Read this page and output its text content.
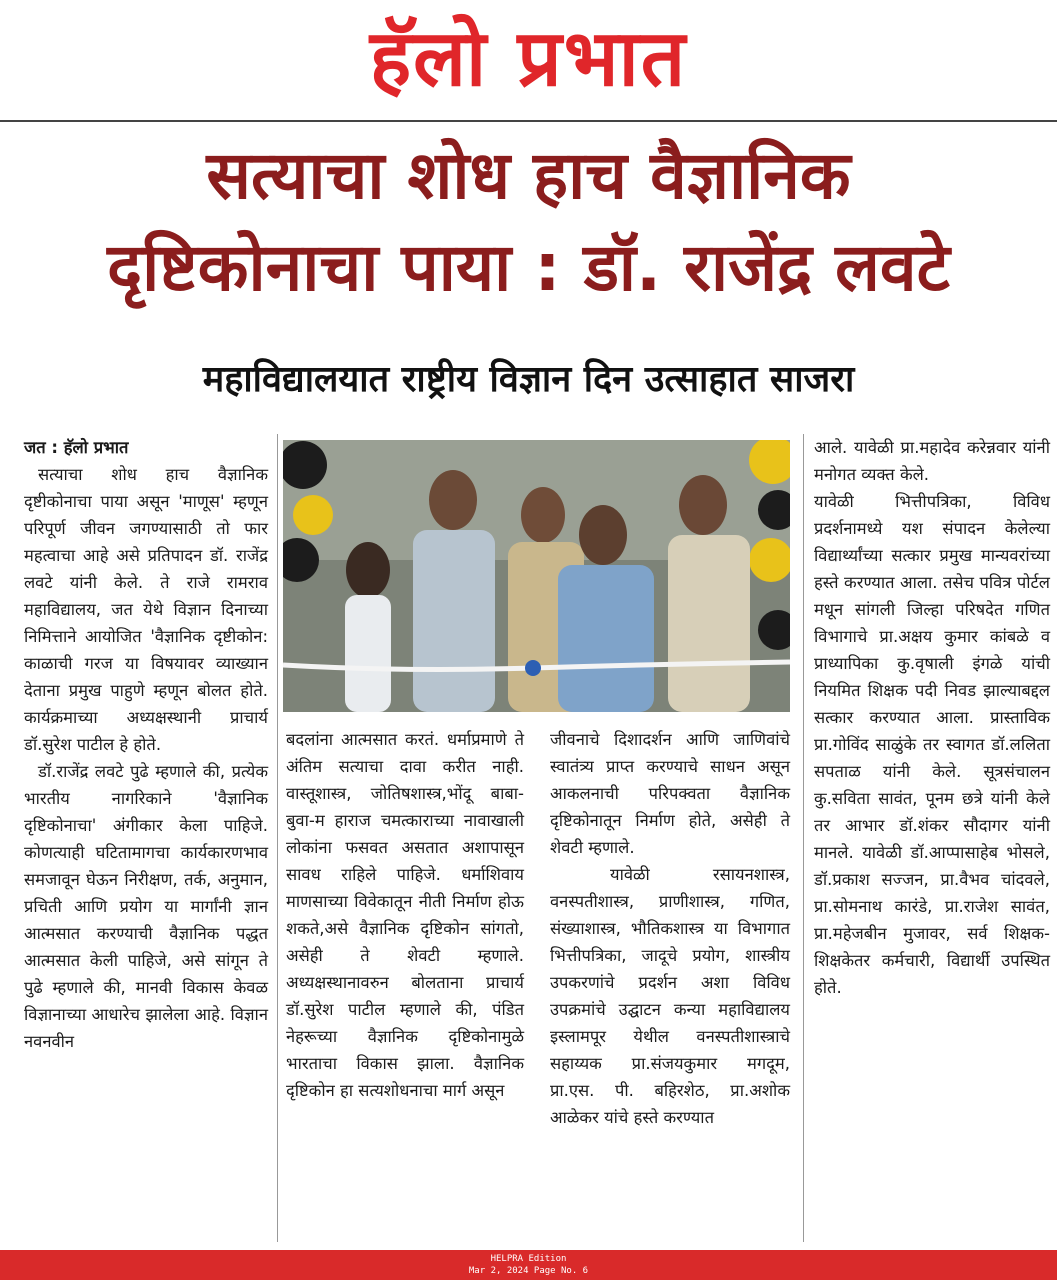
हॅलो प्रभात
सत्याचा शोध हाच वैज्ञानिक
दृष्टिकोनाचा पाया : डॉ. राजेंद्र लवटे
महाविद्यालयात राष्ट्रीय विज्ञान दिन उत्साहात साजरा

जत : हॅलो प्रभात

सत्याचा शोध हाच वैज्ञानिक दृष्टीकोनाचा पाया असून 'माणूस' म्हणून परिपूर्ण जीवन जगण्यासाठी तो फार महत्वाचा आहे असे प्रतिपादन डॉ. राजेंद्र लवटे यांनी केले. ते राजे रामराव महाविद्यालय, जत येथे विज्ञान दिनाच्या निमित्ताने आयोजित 'वैज्ञानिक दृष्टीकोन: काळाची गरज या विषयावर व्याख्यान देताना प्रमुख पाहुणे म्हणून बोलत होते. कार्यक्रमाच्या अध्यक्षस्थानी प्राचार्य डॉ.सुरेश पाटील हे होते.

डॉ.राजेंद्र लवटे पुढे म्हणाले की, प्रत्येक भारतीय नागरिकाने 'वैज्ञानिक दृष्टिकोनाचा' अंगीकार केला पाहिजे. कोणत्याही घटितामागचा कार्यकारणभाव समजावून घेऊन निरीक्षण, तर्क, अनुमान, प्रचिती आणि प्रयोग या मार्गांनी ज्ञान आत्मसात करण्याची वैज्ञानिक पद्धत आत्मसात केली पाहिजे, असे सांगून ते पुढे म्हणाले की, मानवी विकास केवळ विज्ञानाच्या आधारेच झालेला आहे. विज्ञान नवनवीन

बदलांना आत्मसात करतं. धर्माप्रमाणे ते अंतिम सत्याचा दावा करीत नाही. वास्तूशास्त्र, जोतिषशास्त्र,भोंदू बाबा-बुवा-म हाराज चमत्काराच्या नावाखाली लोकांना फसवत असतात अशापासून सावध राहिले पाहिजे. धर्माशिवाय माणसाच्या विवेकातून नीती निर्माण होऊ शकते,असे वैज्ञानिक दृष्टिकोन सांगतो, असेही ते शेवटी म्हणाले. अध्यक्षस्थानावरुन बोलताना प्राचार्य डॉ.सुरेश पाटील म्हणाले की, पंडित नेहरूच्या वैज्ञानिक दृष्टिकोनामुळे भारताचा विकास झाला. वैज्ञानिक दृष्टिकोन हा सत्यशोधनाचा मार्ग असून

जीवनाचे दिशादर्शन आणि जाणिवांचे स्वातंत्र्य प्राप्त करण्याचे साधन असून आकलनाची परिपक्वता वैज्ञानिक दृष्टिकोनातून निर्माण होते, असेही ते शेवटी म्हणाले.

यावेळी रसायनशास्त्र, वनस्पतीशास्त्र, प्राणीशास्त्र, गणित, संख्याशास्त्र, भौतिकशास्त्र या विभागात भित्तीपत्रिका, जादूचे प्रयोग, शास्त्रीय उपकरणांचे प्रदर्शन अशा विविध उपक्रमांचे उद्घाटन कन्या महाविद्यालय इस्लामपूर येथील वनस्पतीशास्त्राचे सहाय्यक प्रा.संजयकुमार मगदूम, प्रा.एस. पी. बहिरशेठ, प्रा.अशोक आळेकर यांचे हस्ते करण्यात

आले. यावेळी प्रा.महादेव करेन्नवार यांनी मनोगत व्यक्त केले.

यावेळी भित्तीपत्रिका, विविध प्रदर्शनामध्ये यश संपादन केलेल्या विद्यार्थ्यांच्या सत्कार प्रमुख मान्यवरांच्या हस्ते करण्यात आला. तसेच पवित्र पोर्टल मधून सांगली जिल्हा परिषदेत गणित विभागाचे प्रा.अक्षय कुमार कांबळे व प्राध्यापिका कु.वृषाली इंगळे यांची नियमित शिक्षक पदी निवड झाल्याबद्दल सत्कार करण्यात आला. प्रास्ताविक प्रा.गोविंद साळुंके तर स्वागत डॉ.ललिता सपताळ यांनी केले. सूत्रसंचालन कु.सविता सावंत, पूनम छत्रे यांनी केले तर आभार डॉ.शंकर सौदागर यांनी मानले. यावेळी डॉ.आप्पासाहेब भोसले, डॉ.प्रकाश सज्जन, प्रा.वैभव चांदवले, प्रा.सोमनाथ कारंडे, प्रा.राजेश सावंत, प्रा.महेजबीन मुजावर, सर्व शिक्षक-शिक्षकेतर कर्मचारी, विद्यार्थी उपस्थित होते.

HELPRA Edition
Mar 2, 2024 Page No. 6
